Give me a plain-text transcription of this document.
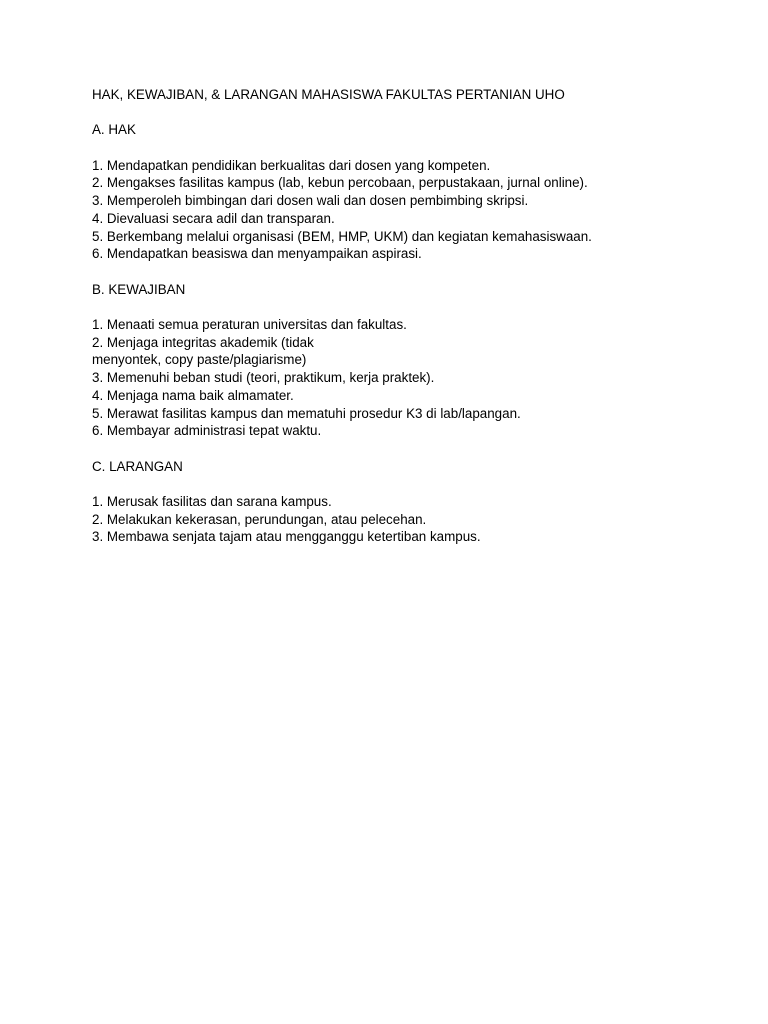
HAK, KEWAJIBAN, & LARANGAN MAHASISWA FAKULTAS PERTANIAN UHO
A. HAK
1. Mendapatkan pendidikan berkualitas dari dosen yang kompeten.
2. Mengakses fasilitas kampus (lab, kebun percobaan, perpustakaan, jurnal online).
3. Memperoleh bimbingan dari dosen wali dan dosen pembimbing skripsi.
4. Dievaluasi secara adil dan transparan.
5. Berkembang melalui organisasi (BEM, HMP, UKM) dan kegiatan kemahasiswaan.
6. Mendapatkan beasiswa dan menyampaikan aspirasi.
B. KEWAJIBAN
1. Menaati semua peraturan universitas dan fakultas.
2. Menjaga integritas akademik (tidak
menyontek, copy paste/plagiarisme)
3. Memenuhi beban studi (teori, praktikum, kerja praktek).
4. Menjaga nama baik almamater.
5. Merawat fasilitas kampus dan mematuhi prosedur K3 di lab/lapangan.
6. Membayar administrasi tepat waktu.
C. LARANGAN
1. Merusak fasilitas dan sarana kampus.
2. Melakukan kekerasan, perundungan, atau pelecehan.
3. Membawa senjata tajam atau mengganggu ketertiban kampus.
